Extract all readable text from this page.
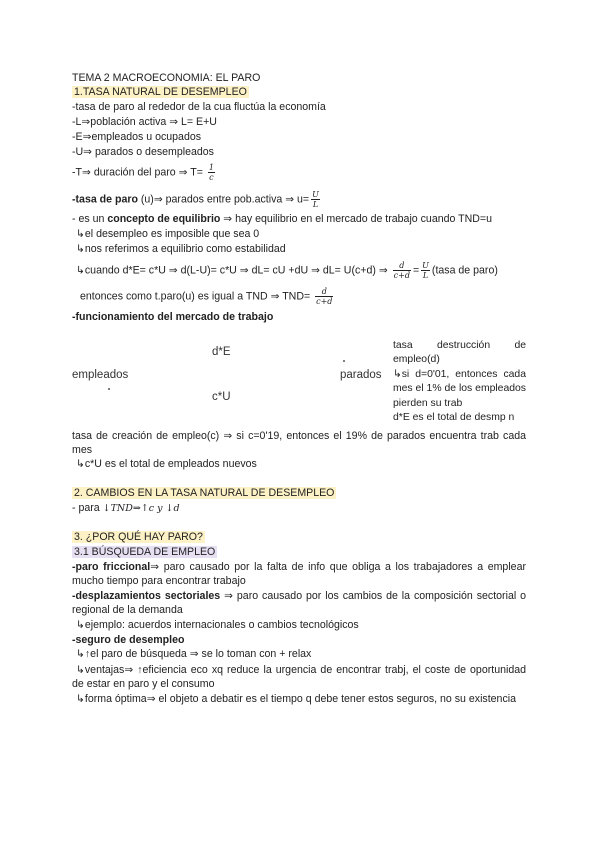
TEMA 2 MACROECONOMIA: EL PARO
1.TASA NATURAL DE DESEMPLEO
-tasa de paro al rededor de la cua fluctúa la economía
-L⇒población activa ⇒ L= E+U
-E⇒empleados u ocupados
-U⇒ parados o desempleados
-T⇒ duración del paro ⇒ $T= \frac{1}{c}$
-tasa de paro (u)⇒ parados entre pob.activa ⇒ $u= \frac{U}{L}$
- es un concepto de equilibrio ⇒ hay equilibrio en el mercado de trabajo cuando TND=u
↳el desempleo es imposible que sea 0
↳nos referimos a equilibrio como estabilidad
↳cuando d*E= c*U ⇒ d(L-U)= c*U ⇒ dL= cU +dU ⇒ dL= U(c+d) ⇒ $\frac{d}{c+d} = \frac{U}{L}$ (tasa de paro)
entonces como t.paro(u) es igual a TND ⇒ $TND= \frac{d}{c+d}$
-funcionamiento del mercado de trabajo
d*E
empleados	parados
c*U
tasa destrucción de empleo(d)
↳si d=0'01, entonces cada mes el 1% de los empleados pierden su trab
d*E es el total de desmp n
tasa de creación de empleo(c) ⇒ si c=0'19, entonces el 19% de parados encuentra trab cada mes
↳c*U es el total de empleados nuevos
2. CAMBIOS EN LA TASA NATURAL DE DESEMPLEO
- para ↓TND⇒↑c y ↓d
3. ¿POR QUÉ HAY PARO?
3.1 BÚSQUEDA DE EMPLEO
-paro friccional⇒ paro causado por la falta de info que obliga a los trabajadores a emplear mucho tiempo para encontrar trabajo
-desplazamientos sectoriales ⇒ paro causado por los cambios de la composición sectorial o regional de la demanda
↳ejemplo: acuerdos internacionales o cambios tecnológicos
-seguro de desempleo
↳↑el paro de búsqueda ⇒ se lo toman con + relax
↳ventajas⇒ ↑eficiencia eco xq reduce la urgencia de encontrar trabj, el coste de oportunidad de estar en paro y el consumo
↳forma óptima⇒ el objeto a debatir es el tiempo q debe tener estos seguros, no su existencia
